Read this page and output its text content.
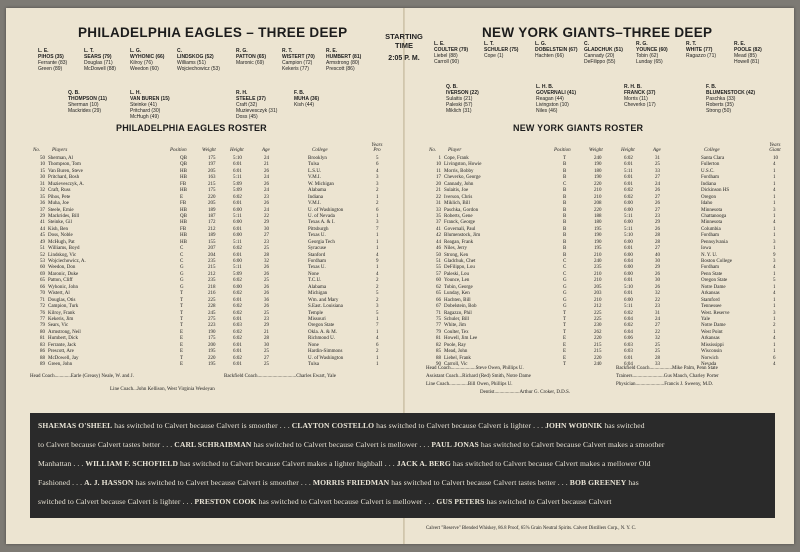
PHILADELPHIA EAGLES – THREE DEEP	NEW YORK GIANTS–THREE DEEP
STARTING
TIME
2:05 P. M.
L. E.
PIHOS (35)
Ferrante (83)
Green (89)
L. T.
SEARS (79)
Douglas (71)
McDowell (88)
L. G.
WYHONIC (66)
Kilroy (76)
Weedon (60)
C.
LINDSKOG (52)
Williams (51)
Wojciechowicz (53)
R. G.
PATTON (65)
Maronic (69)
R. T.
WISTERT (70)
Campion (72)
Kekeris (77)
R. E.
HUMBERT (81)
Armstrong (80)
Prescott (86)
Q. B.
THOMPSON (11)
Sherman (10)
Mackrides (29)
L. H.
VAN BUREN (15)
Steinke (41)
Pritchard (30)
McHugh (49)
R. H.
STEELE (37)
Craft (32)
Muzievesczyk (31)
Doss (45)
F. B.
MUHA (36)
Kish (44)
L. E.
COULTER (79)
Liebel (88)
Carroll (90)
L. T.
SCHULER (75)
Cope (1)
L. G.
DOBELSTEIN (67)
Hachten (66)
C.
GLADCHUK (51)
Cannady (20)
DeFilippo (55)
R. G.
YOUNCE (60)
Tobin (62)
Lunday (65)
R. T.
WHITE (77)
Ragazzo (71)
R. E.
POOLE (82)
Mead (85)
Howell (81)
Q. B.
IVERSON (22)
Sulaitis (21)
Paleski (57)
Miklich (31)
L. H. B.
GOVERNALI (41)
Reagan (44)
Livingston (10)
Niles (46)
R. H. B.
FRANCK (37)
Morris (11)
Cheverko (17)
F. B.
BLUMENSTOCK (42)
Paschka (33)
Roberts (35)
Strong (50)
PHILADELPHIA EAGLES ROSTER	NEW YORK GIANTS ROSTER
No. Players	Position	Weight	Height	Age	College
Years Pro	No. Player	Position	Weight	Height	Age	College
Years Giant
50 Sherman, Al	QB	175	5:10	24	Brooklyn	5
10 Thompson, Tom	QB	197	6:01	21	Tulsa	6
15 Van Buren, Steve	HB	205	6:01	26	L.S.U.	4
30 Pritchard, Bosh	HB	163	5:11	24	V.M.I.	3
31 Muzievesczyk, A.	FB	215	5:09	26	W. Michigan	3
32 Craft, Russ	HB	175	5:09	24	Alabama	2
35 Pihos, Pete	E	220	6:02	23	Indiana	1
36 Muha, Joe	FB	205	6:01	26	V.M.I.	2
37 Steele, Ernie	HB	189	6:00	24	U. of Washington	6
29 Mackrides, Bill	QB	187	5:11	22	U. of Nevada	1
41 Steinke, Gil	HB	172	6:00	29	Texas A. & I.	3
44 Kish, Ben	FB	212	6:01	30	Pittsburgh	7
45 Doss, Noble	HB	189	6:00	27	Texas U.	1
49 McHugh, Pat	HB	155	5:11	23	Georgia Tech	1
51 Williams, Boyd	C	207	6:02	25	Syracuse	1
52 Lindskog, Vic	C	204	6:01	28	Stanford	4
53 Wojciechowicz, A.	C	235	6:00	32	Fordham	9
60 Weedon, Don	G	215	5:11	26	Texas U.	1
69 Maronic, Duke	G	212	5:09	26	None	4
65 Patton, Cliff	G	235	6:02	25	T.C.U.	2
66 Wyhonic, John	G	218	6:00	26	Alabama	2
70 Wistert, Al	T	216	6:02	26	Michigan	5
71 Douglas, Otis	T	225	6:01	36	Wm. and Mary	2
72 Campion, Turk	T	228	6:02	26	S.East. Louisiana	3
76 Kilroy, Frank	T	245	6:02	25	Temple	5
77 Kekeris, Jim	T	275	6:01	23	Missouri	1
79 Sears, Vic	T	223	6:03	29	Oregon State	7
80 Armstrong, Neil	E	190	6:02	21	Okla. A. & M.	1
81 Humbert, Dick	E	175	6:02	28	Richmond U.	4
83 Ferrante, Jack	E	200	6:01	30	None	6
86 Prescott, Are	E	195	6:01	25	Hardin-Simmons	2
88 McDowell, Jay	T	220	6:02	27	U. of Washington	1
89 Green, John	E	195	6:01	25	Tulsa	1
1 Cope, Frank	T	240	6:02	31	Santa Clara	10
10 Livingston, Howie	B	190	6:01	25	Fullerton	4
11 Morris, Bobby	B	180	5:11	33	U.S.C.	1
17 Cheverko, George	B	190	6:01	27	Fordham	1
20 Cannady, John	C	220	6:01	24	Indiana	1
21 Sulaitis, Joe	B	210	6:02	26	Dickinson HS	4
22 Iverson, Chris	B	210	6:02	27	Oregon	1
31 Miklich, Bill	B	208	6:00	26	Idaho	1
33 Paschka, Gordon	B	220	6:00	27	Minnesota	3
35 Roberts, Gene	B	188	5:11	23	Chattanooga	1
37 Franck, George	B	180	6:00	29	Minnesota	4
41 Governali, Paul	B	195	5:11	26	Columbia	1
42 Blumenstock, Jim	B	190	5:10	28	Fordham	1
44 Reagan, Frank	B	190	6:00	28	Pennsylvania	3
46 Niles, Jerry	B	195	6:01	27	Iowa	1
50 Strong, Ken	B	210	6:00	40	N. Y. U.	9
51 Gladchuk, Chet	C	240	6:04	30	Boston College	3
55 DeFilippo, Lou	C	235	6:00	29	Fordham	4
57 Paleski, Lou	C	210	6:00	26	Penn State	1
60 Younce, Len	G	210	6:01	30	Oregon State	5
62 Tobin, George	G	205	5:10	26	Notre Dame	1
65 Lunday, Ken	G	203	6:01	32	Arkansas	4
66 Hachten, Bill	G	210	6:00	22	Stamford	1
67 Dobelstein, Bob	G	212	5:11	23	Tennessee	1
71 Ragazzo, Phil	T	225	6:02	31	West. Reserve	3
75 Schuler, Bill	T	225	6:04	24	Yale	1
77 White, Jim	T	230	6:02	27	Notre Dame	2
79 Coulter, Tex	T	262	6:04	22	West Point	1
81 Howell, Jim Lee	E	220	6:06	32	Arkansas	4
82 Poole, Ray	E	215	6:03	25	Mississippi	1
85 Mead, John	E	215	6:03	25	Wisconsin	1
88 Liebel, Frank	E	220	6:01	28	Norwich	6
90 Carroll, Vic	T	240	6:04	33	Nevada	4
Head Coach.............Earle (Greasy) Neale, W. and J.	Backfield Coach...............................Charles Ewart, Yale
Line Coach...John Kellison, West Virginia Wesleyan
Head Coach....................Steve Owen, Phillips U.
Assistant Coach...Richard (Red) Smith, Notre Dame
Line Coach...............Bill Owen, Phillips U.
Dentist....................Arthur G. Croker, D.D.S.
Backfield Coach..................Mike Palm, Penn State
Trainers.........................Gus Mauch, Charley Porter
Physician.......................Francis J. Sweeny, M.D.
SHAEMAS O'SHEEL has switched to Calvert because Calvert is smoother . . . CLAYTON COSTELLO has switched to Calvert because Calvert is lighter . . . JOHN WODNIK has switched
to Calvert because Calvert tastes better . . . CARL SCHRAIBMAN has switched to Calvert because Calvert is mellower . . . PAUL JONAS has switched to Calvert because Calvert makes a smoother
Manhattan . . . WILLIAM F. SCHOFIELD has switched to Calvert because Calvert makes a lighter highball . . . JACK A. BERG has switched to Calvert because Calvert makes a mellower Old
Fashioned . . . A. J. HASSON has switched to Calvert because Calvert is smoother . . . MORRIS FRIEDMAN has switched to Calvert because Calvert tastes better . . . BOB GREENEY has
switched to Calvert because Calvert is lighter . . . PRESTON COOK has switched to Calvert because Calvert is mellower . . . GUS PETERS has switched to Calvert because Calvert
Calvert "Reserve" Blended Whiskey, 86.8 Proof, 65% Grain Neutral Spirits. Calvert Distillers Corp., N. Y. C.
